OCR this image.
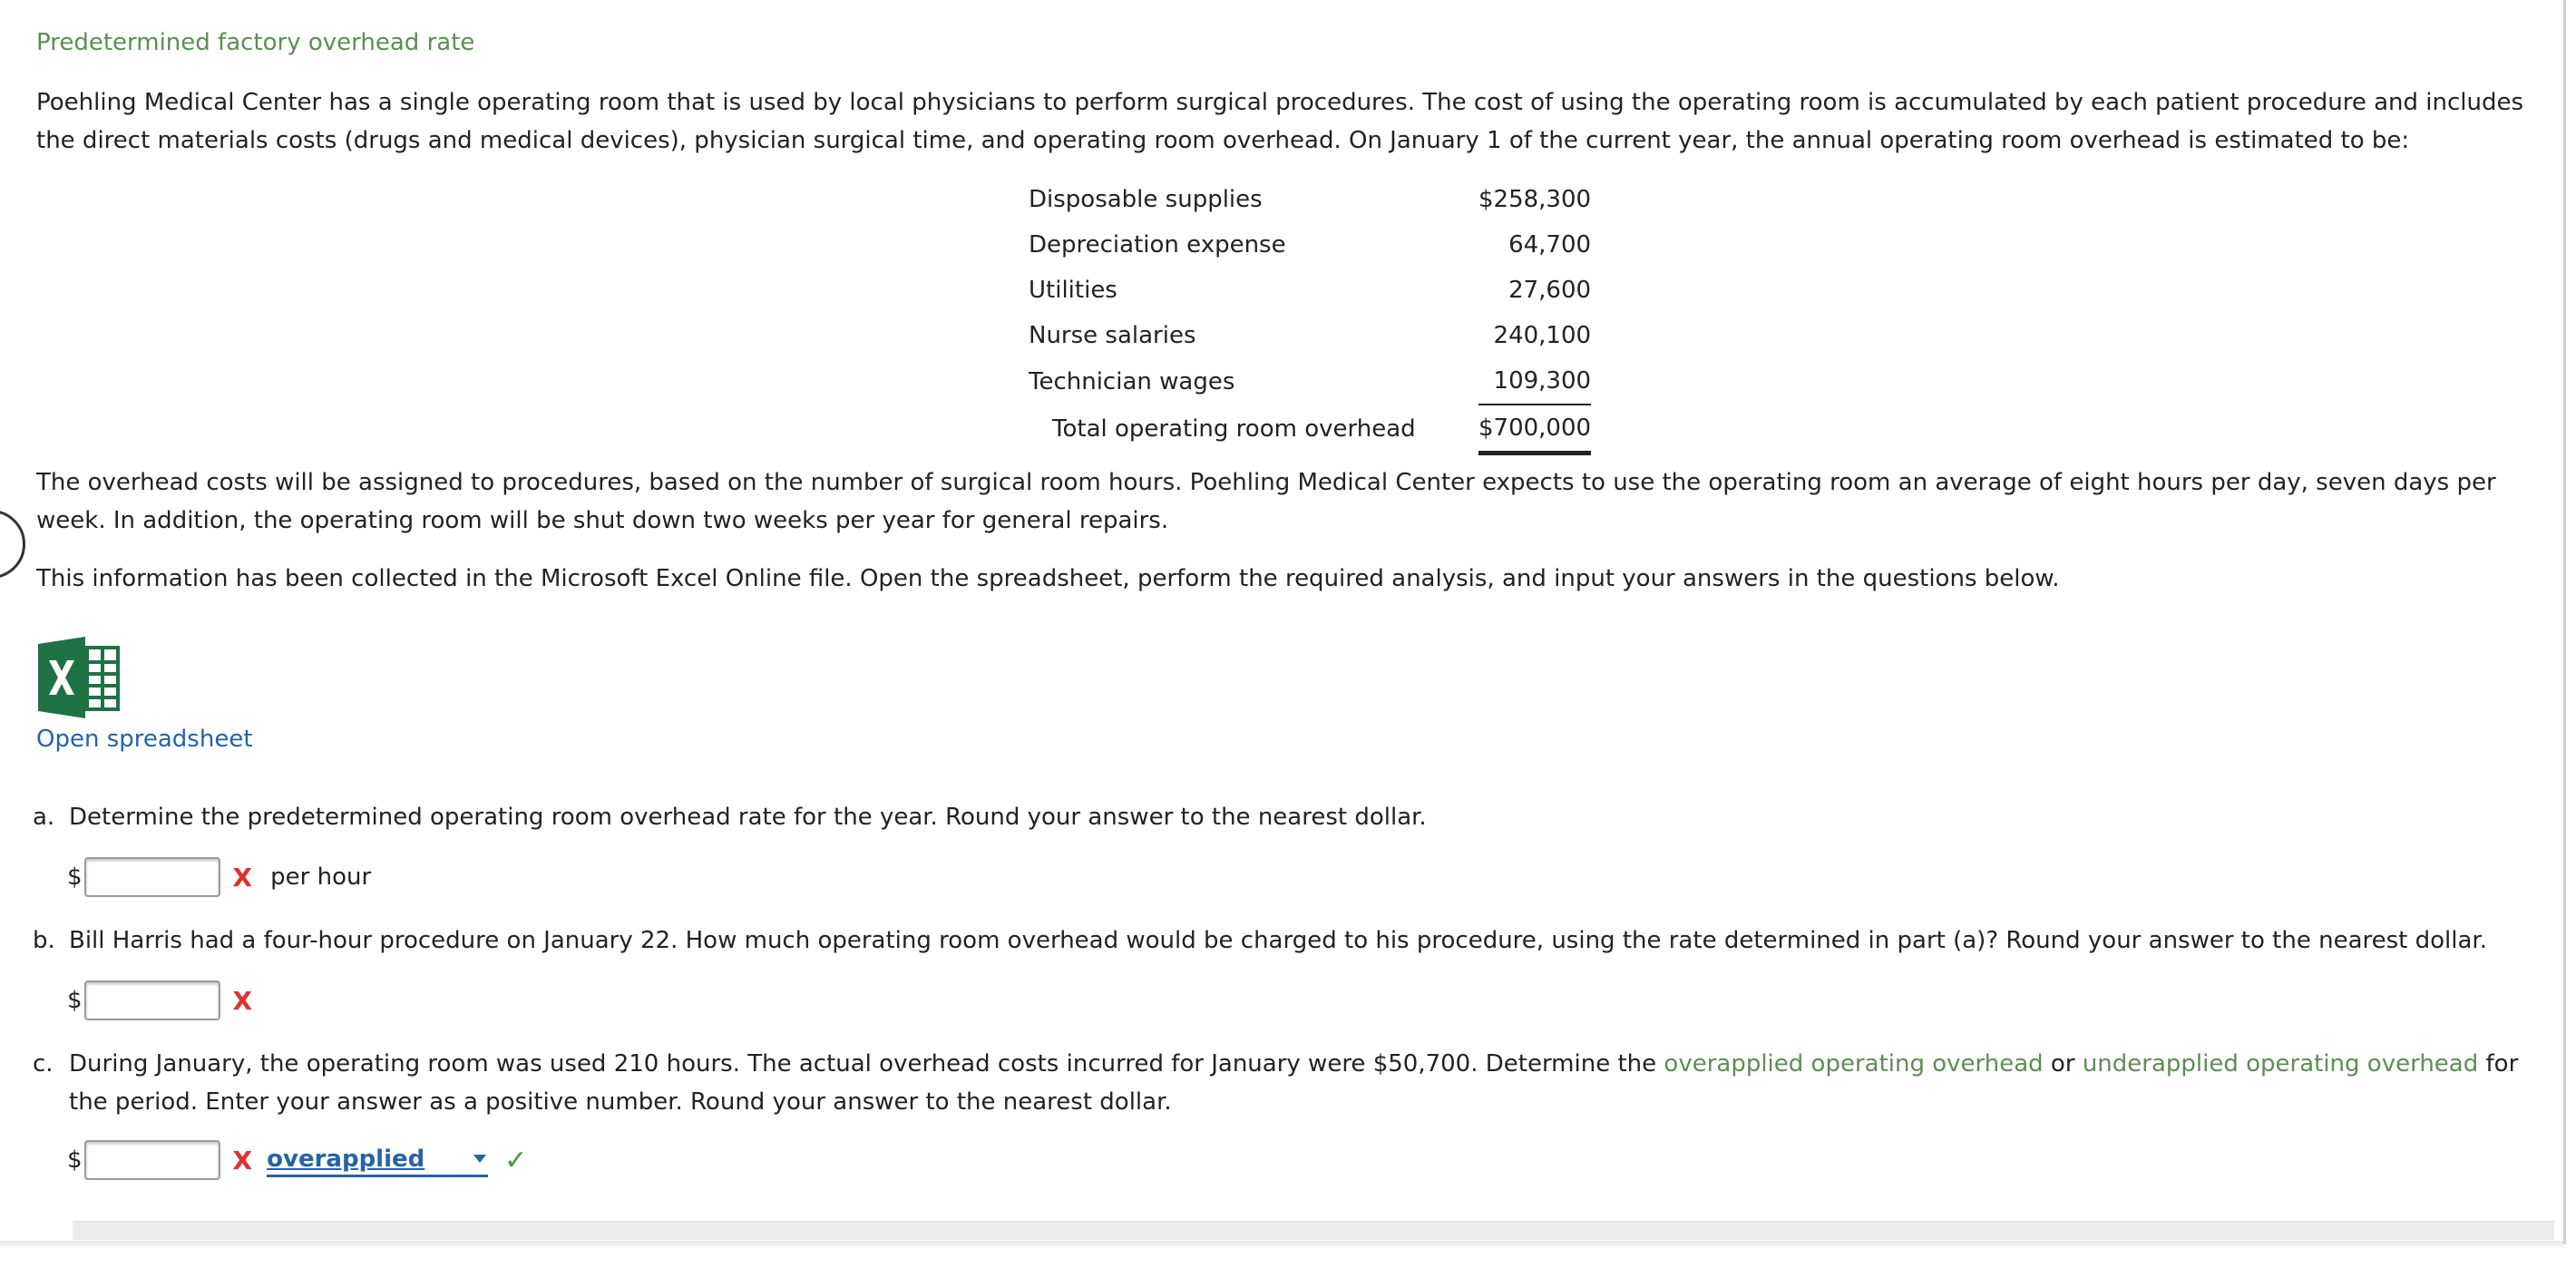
Predetermined factory overhead rate
Poehling Medical Center has a single operating room that is used by local physicians to perform surgical procedures. The cost of using the operating room is accumulated by each patient procedure and includes the direct materials costs (drugs and medical devices), physician surgical time, and operating room overhead. On January 1 of the current year, the annual operating room overhead is estimated to be:
Disposable supplies	$258,300
Depreciation expense	64,700
Utilities	27,600
Nurse salaries	240,100
Technician wages	109,300
Total operating room overhead	$700,000
The overhead costs will be assigned to procedures, based on the number of surgical room hours. Poehling Medical Center expects to use the operating room an average of eight hours per day, seven days per week. In addition, the operating room will be shut down two weeks per year for general repairs.
This information has been collected in the Microsoft Excel Online file. Open the spreadsheet, perform the required analysis, and input your answers in the questions below.
Open spreadsheet
a. Determine the predetermined operating room overhead rate for the year. Round your answer to the nearest dollar.
$	X per hour
b. Bill Harris had a four-hour procedure on January 22. How much operating room overhead would be charged to his procedure, using the rate determined in part (a)? Round your answer to the nearest dollar.
$	X
c. During January, the operating room was used 210 hours. The actual overhead costs incurred for January were $50,700. Determine the overapplied operating overhead or underapplied operating overhead for the period. Enter your answer as a positive number. Round your answer to the nearest dollar.
$	X overapplied	✓
